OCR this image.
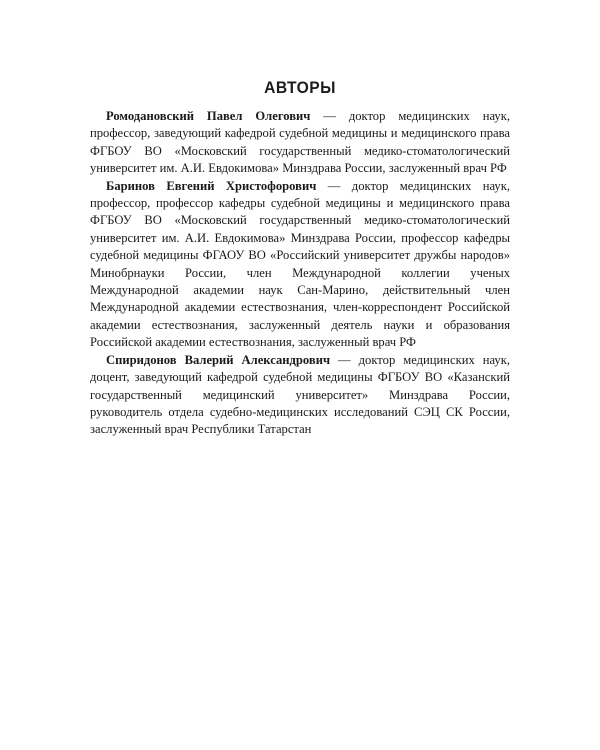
АВТОРЫ

Ромодановский Павел Олегович — доктор медицинских наук, профессор, заведующий кафедрой судебной медицины и медицинского права ФГБОУ ВО «Московский государственный медико-стоматологический университет им. А.И. Евдокимова» Минздрава России, заслуженный врач РФ

Баринов Евгений Христофорович — доктор медицинских наук, профессор, профессор кафедры судебной медицины и медицинского права ФГБОУ ВО «Московский государственный медико-стоматологический университет им. А.И. Евдокимова» Минздрава России, профессор кафедры судебной медицины ФГАОУ ВО «Российский университет дружбы народов» Минобрнауки России, член Международной коллегии ученых Международной академии наук Сан-Марино, действительный член Международной академии естествознания, член-корреспондент Российской академии естествознания, заслуженный деятель науки и образования Российской академии естествознания, заслуженный врач РФ

Спиридонов Валерий Александрович — доктор медицинских наук, доцент, заведующий кафедрой судебной медицины ФГБОУ ВО «Казанский государственный медицинский университет» Минздрава России, руководитель отдела судебно-медицинских исследований СЭЦ СК России, заслуженный врач Республики Татарстан
